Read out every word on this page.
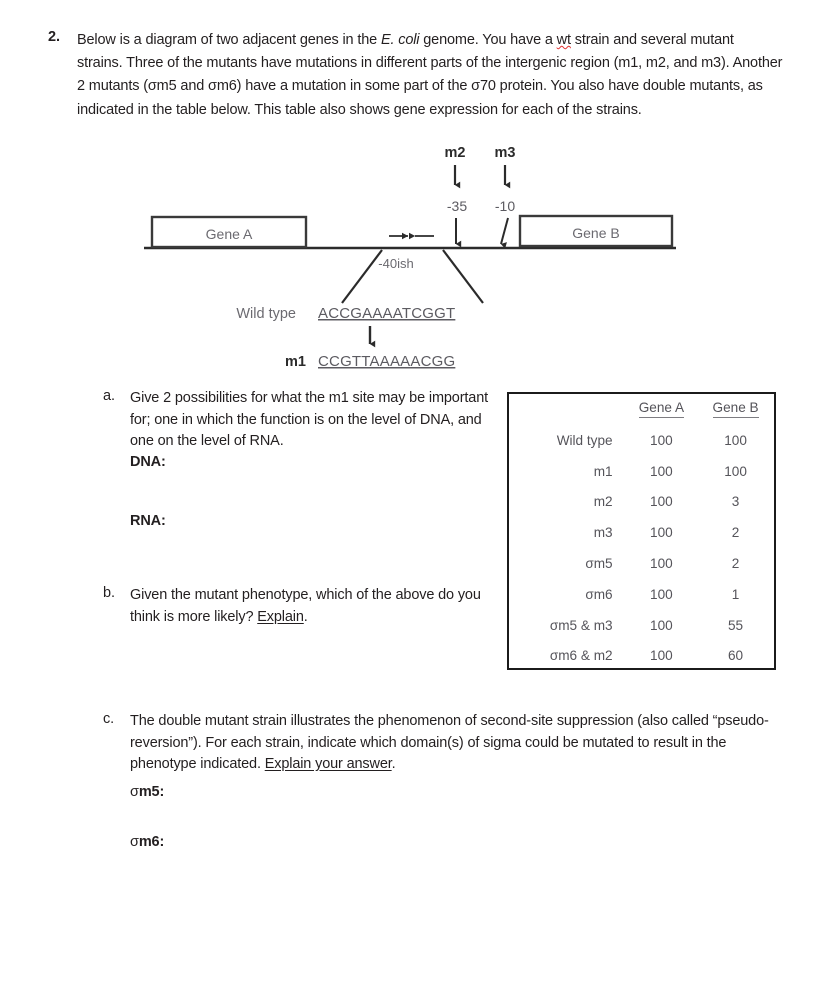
2. Below is a diagram of two adjacent genes in the E. coli genome. You have a wt strain and several mutant strains. Three of the mutants have mutations in different parts of the intergenic region (m1, m2, and m3). Another 2 mutants (σm5 and σm6) have a mutation in some part of the σ70 protein. You also have double mutants, as indicated in the table below. This table also shows gene expression for each of the strains.
m2 m3
-35 -10
Gene A	Gene B
-40ish
Wild type ACCGAAAATCGGT
m1 CCGTTAAAAACGG
a. Give 2 possibilities for what the m1 site may be important for; one in which the function is on the level of DNA, and one on the level of RNA.
DNA:
RNA:
b. Given the mutant phenotype, which of the above do you think is more likely? Explain.
	Gene A	Gene B
Wild type	100	100
m1	100	100
m2	100	3
m3	100	2
σm5	100	2
σm6	100	1
σm5 & m3	100	55
σm6 & m2	100	60
c. The double mutant strain illustrates the phenomenon of second-site suppression (also called “pseudo-reversion”). For each strain, indicate which domain(s) of sigma could be mutated to result in the phenotype indicated. Explain your answer.
σm5:
σm6:
